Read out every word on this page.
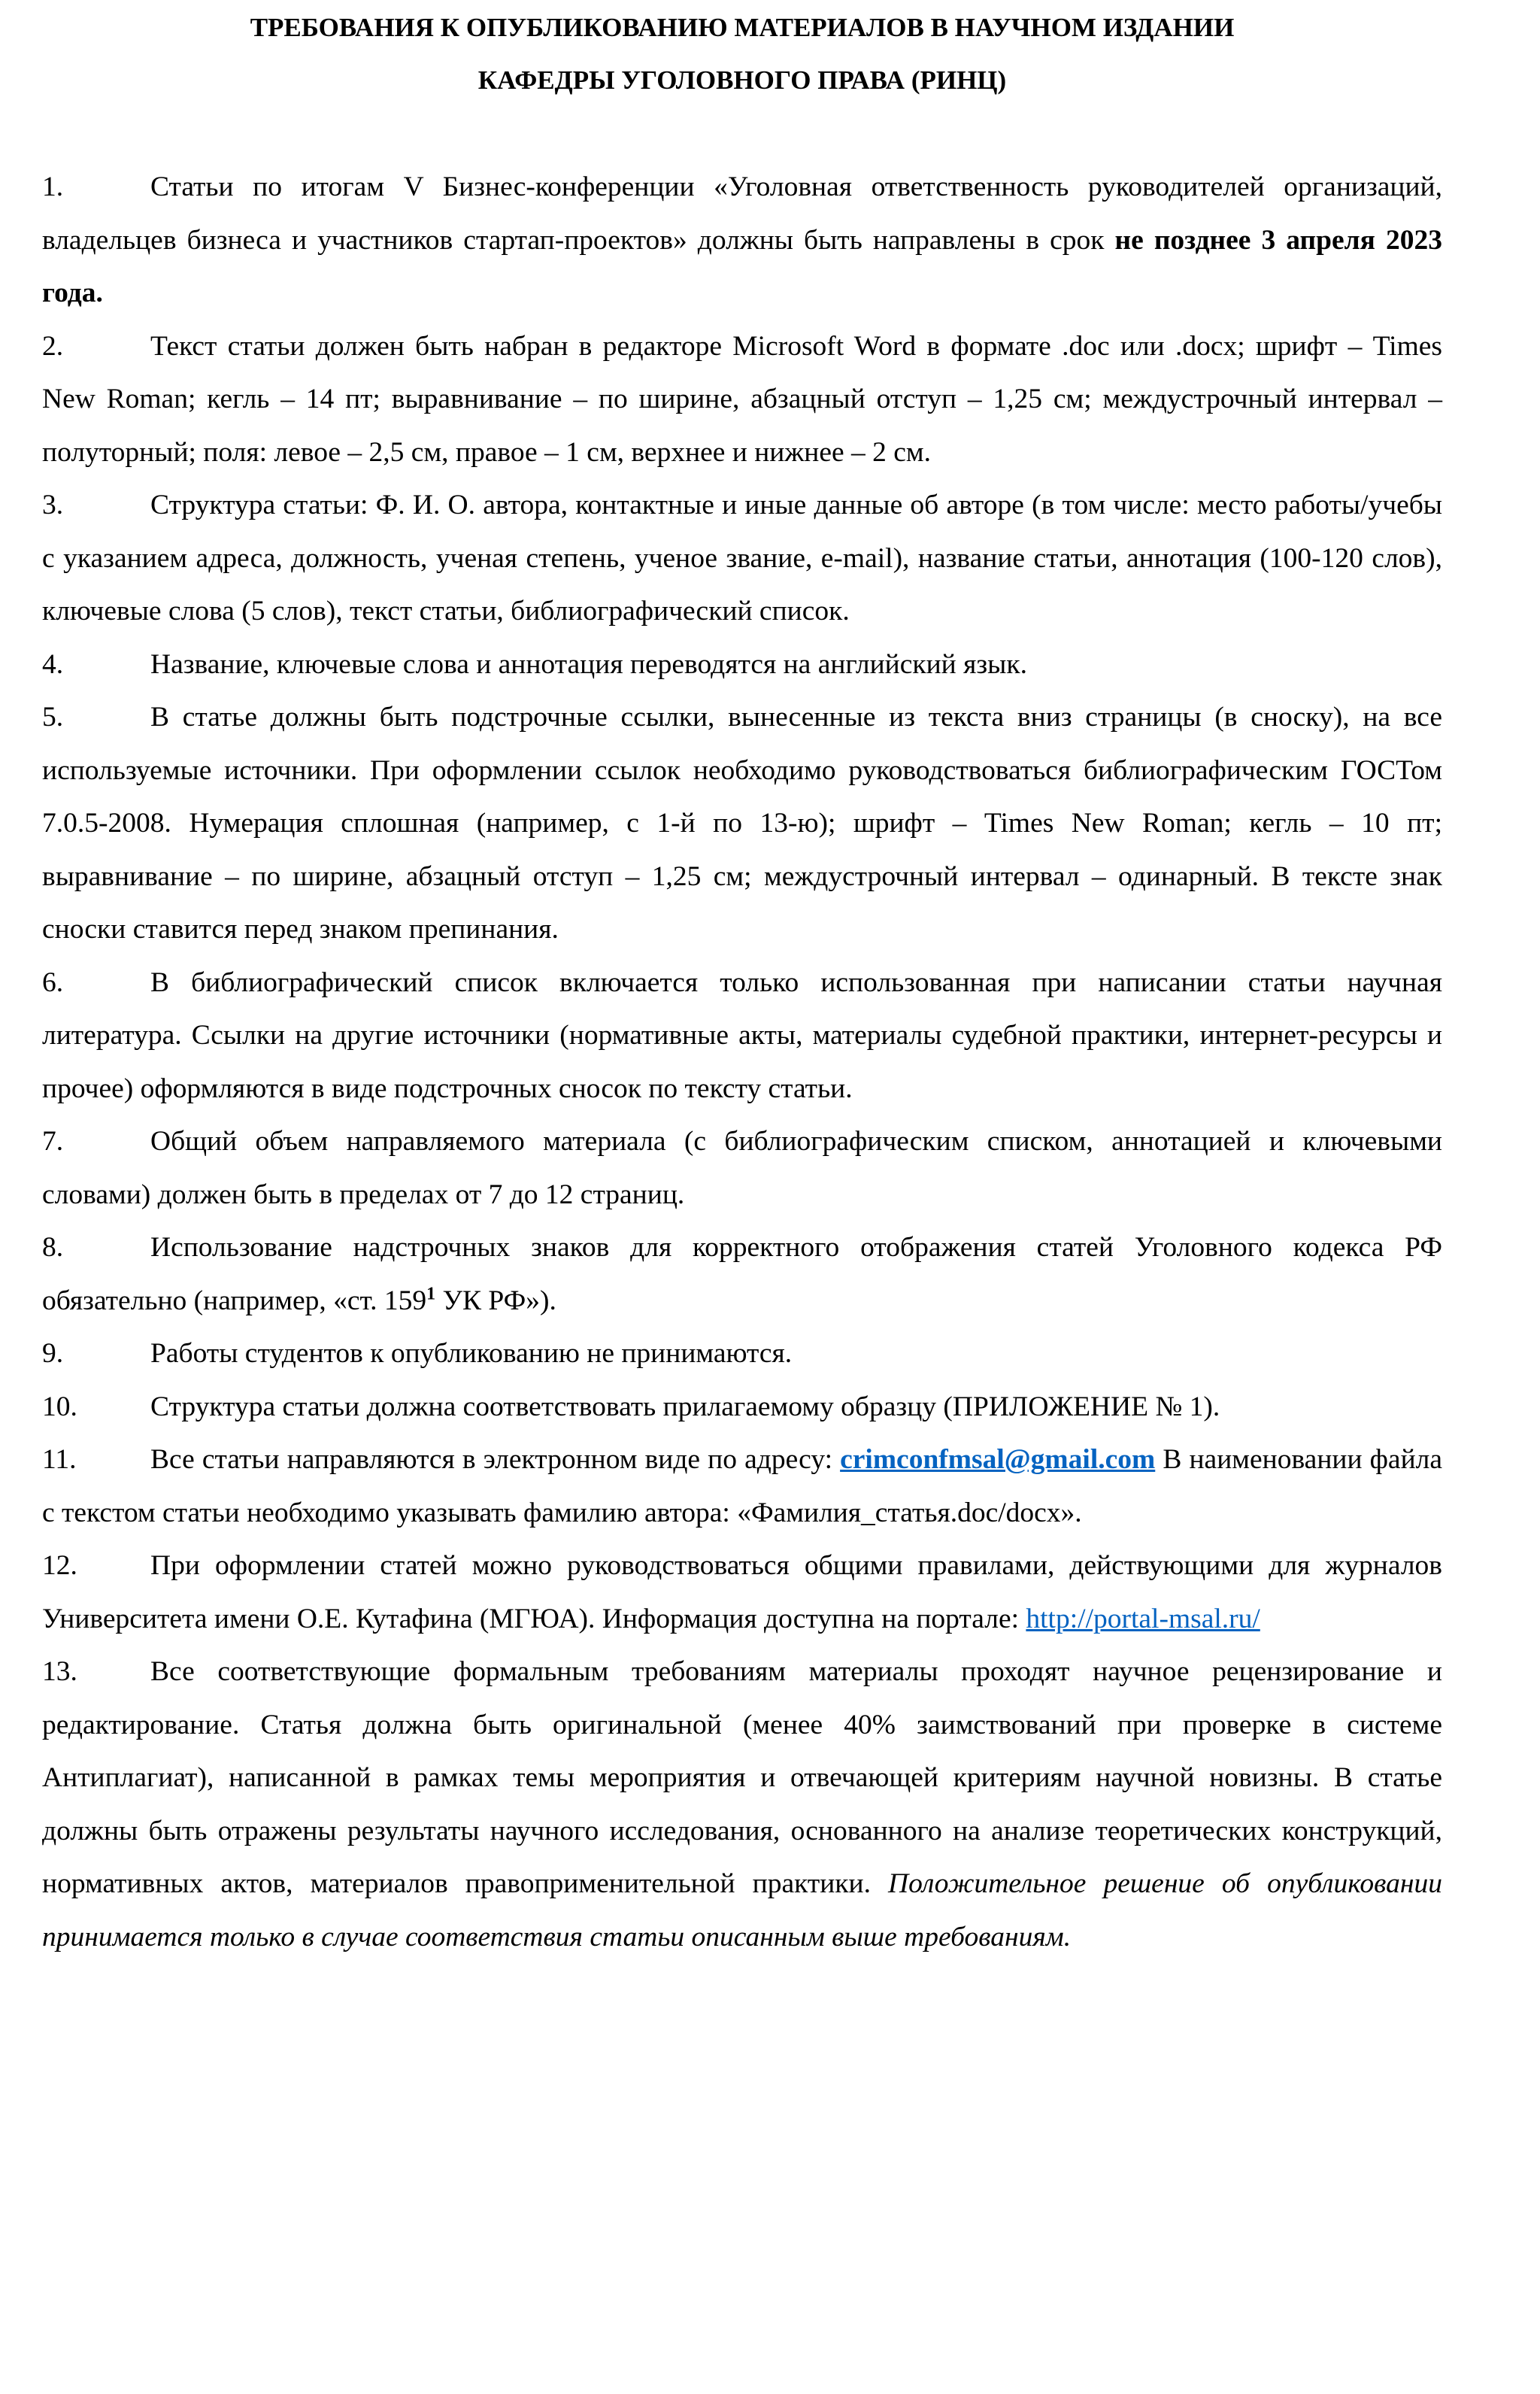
ТРЕБОВАНИЯ К ОПУБЛИКОВАНИЮ МАТЕРИАЛОВ В НАУЧНОМ ИЗДАНИИ
КАФЕДРЫ УГОЛОВНОГО ПРАВА (РИНЦ)
1.	Статьи по итогам V Бизнес-конференции «Уголовная ответственность руководителей организаций, владельцев бизнеса и участников стартап-проектов» должны быть направлены в срок не позднее 3 апреля 2023 года.
2.	Текст статьи должен быть набран в редакторе Microsoft Word в формате .doc или .docx; шрифт – Times New Roman; кегль – 14 пт; выравнивание – по ширине, абзацный отступ – 1,25 см; междустрочный интервал – полуторный; поля: левое – 2,5 см, правое – 1 см, верхнее и нижнее – 2 см.
3.	Структура статьи: Ф. И. О. автора, контактные и иные данные об авторе (в том числе: место работы/учебы с указанием адреса, должность, ученая степень, ученое звание, e-mail), название статьи, аннотация (100-120 слов), ключевые слова (5 слов), текст статьи, библиографический список.
4.	Название, ключевые слова и аннотация переводятся на английский язык.
5.	В статье должны быть подстрочные ссылки, вынесенные из текста вниз страницы (в сноску), на все используемые источники. При оформлении ссылок необходимо руководствоваться библиографическим ГОСТом 7.0.5-2008. Нумерация сплошная (например, с 1-й по 13-ю); шрифт – Times New Roman; кегль – 10 пт; выравнивание – по ширине, абзацный отступ – 1,25 см; междустрочный интервал – одинарный. В тексте знак сноски ставится перед знаком препинания.
6.	В библиографический список включается только использованная при написании статьи научная литература. Ссылки на другие источники (нормативные акты, материалы судебной практики, интернет-ресурсы и прочее) оформляются в виде подстрочных сносок по тексту статьи.
7.	Общий объем направляемого материала (с библиографическим списком, аннотацией и ключевыми словами) должен быть в пределах от 7 до 12 страниц.
8.	Использование надстрочных знаков для корректного отображения статей Уголовного кодекса РФ обязательно (например, «ст. $159^1$ УК РФ»).
9.	Работы студентов к опубликованию не принимаются.
10.	Структура статьи должна соответствовать прилагаемому образцу (ПРИЛОЖЕНИЕ № 1).
11.	Все статьи направляются в электронном виде по адресу: crimconfmsal@gmail.com В наименовании файла с текстом статьи необходимо указывать фамилию автора: «Фамилия_статья.doc/docx».
12.	При оформлении статей можно руководствоваться общими правилами, действующими для журналов Университета имени О.Е. Кутафина (МГЮА). Информация доступна на портале: http://portal-msal.ru/
13.	Все соответствующие формальным требованиям материалы проходят научное рецензирование и редактирование. Статья должна быть оригинальной (менее 40% заимствований при проверке в системе Антиплагиат), написанной в рамках темы мероприятия и отвечающей критериям научной новизны. В статье должны быть отражены результаты научного исследования, основанного на анализе теоретических конструкций, нормативных актов, материалов правоприменительной практики. Положительное решение об опубликовании принимается только в случае соответствия статьи описанным выше требованиям.
